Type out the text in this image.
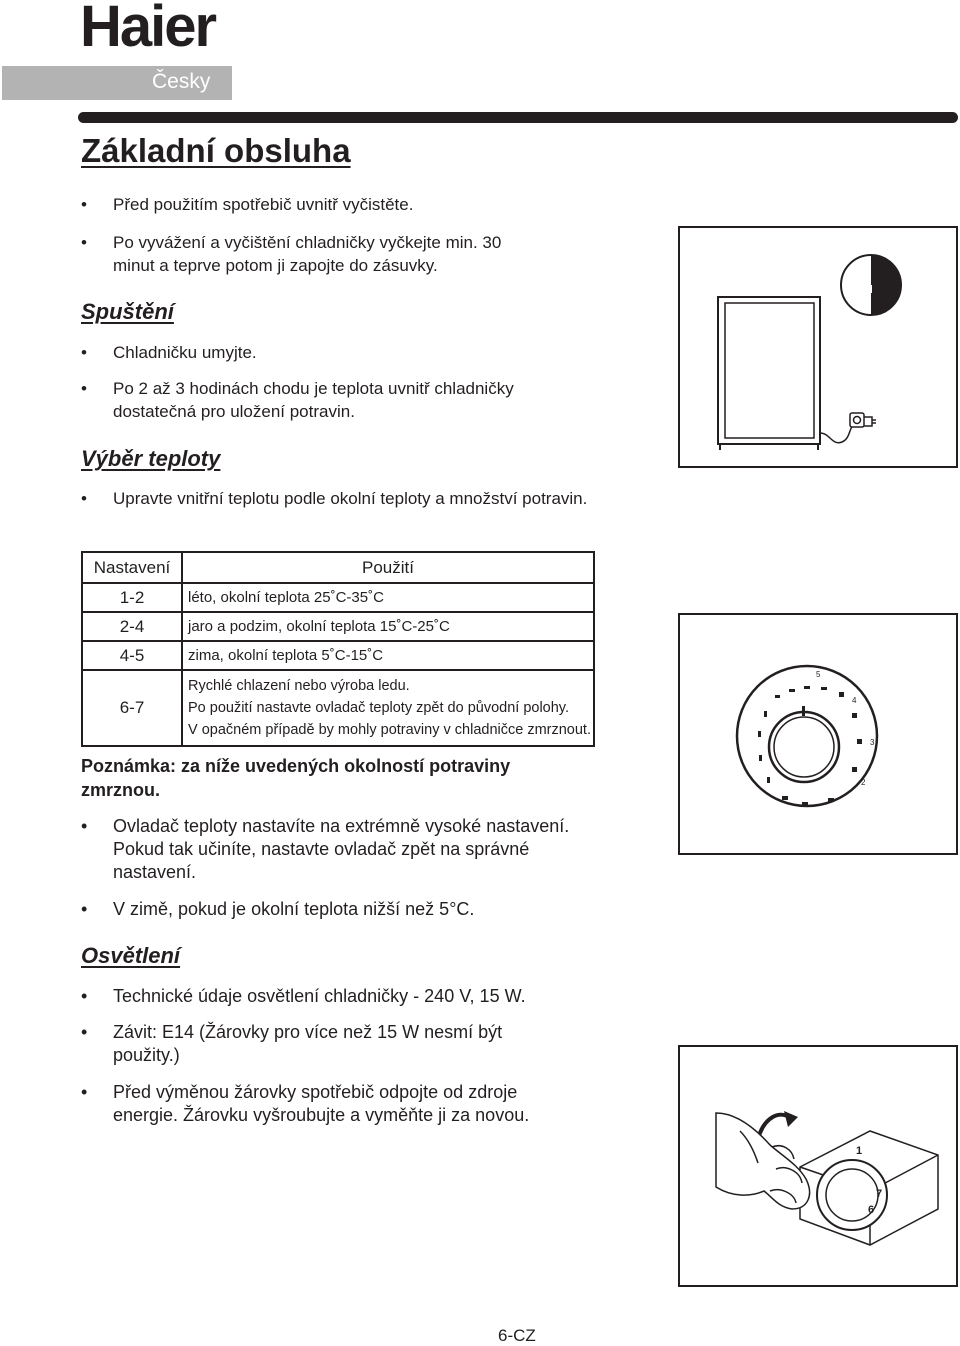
Haier
Česky
Základní obsluha
• Před použitím spotřebič uvnitř vyčistěte.
• Po vyvážení a vyčištění chladničky vyčkejte min. 30 minut a teprve potom ji zapojte do zásuvky.
Spuštění
• Chladničku umyjte.
• Po 2 až 3 hodinách chodu je teplota uvnitř chladničky dostatečná pro uložení potravin.
Výběr teploty
• Upravte vnitřní teplotu podle okolní teploty a množství potravin.
Nastavení	Použití
1-2	léto, okolní teplota 25˚C-35˚C
2-4	jaro a podzim, okolní teplota 15˚C-25˚C
4-5	zima, okolní teplota 5˚C-15˚C
6-7	Rychlé chlazení nebo výroba ledu.
Po použití nastavte ovladač teploty zpět do původní polohy.
V opačném případě by mohly potraviny v chladničce zmrznout.
Poznámka: za níže uvedených okolností potraviny zmrznou.
• Ovladač teploty nastavíte na extrémně vysoké nastavení. Pokud tak učiníte, nastavte ovladač zpět na správné nastavení.
• V zimě, pokud je okolní teplota nižší než 5°C.
Osvětlení
• Technické údaje osvětlení chladničky - 240 V, 15 W.
• Závit: E14 (Žárovky pro více než 15 W nesmí být použity.)
• Před výměnou žárovky spotřebič odpojte od zdroje energie. Žárovku vyšroubujte a vyměňte ji za novou.
5
4
3
2
1
7
6
6-CZ
